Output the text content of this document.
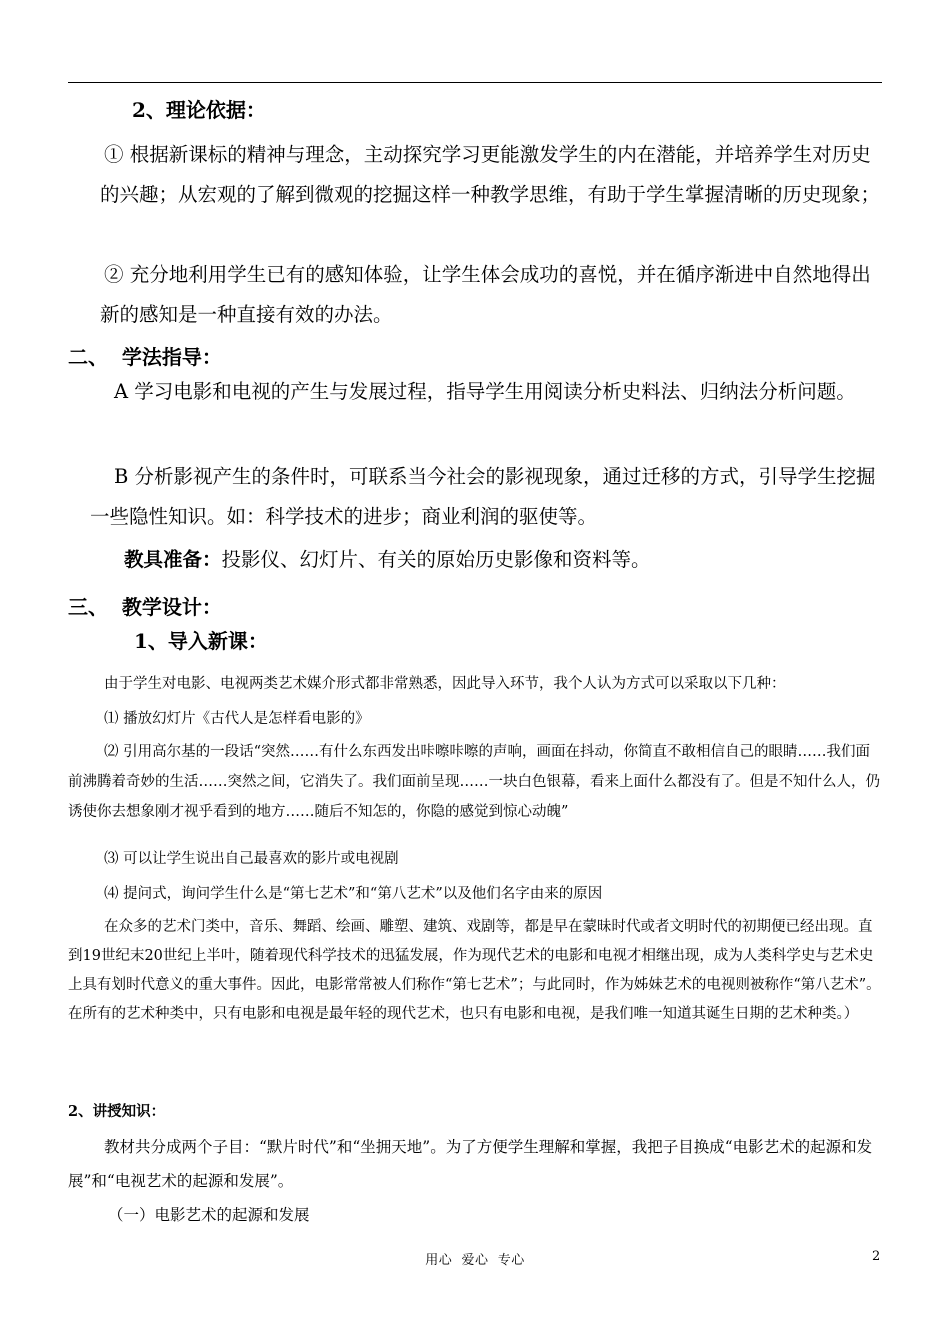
2、理论依据：

① 根据新课标的精神与理念，主动探究学习更能激发学生的内在潜能，并培养学生对历史的兴趣；从宏观的了解到微观的挖掘这样一种教学思维，有助于学生掌握清晰的历史现象；

② 充分地利用学生已有的感知体验，让学生体会成功的喜悦，并在循序渐进中自然地得出新的感知是一种直接有效的办法。

二、  学法指导：

A 学习电影和电视的产生与发展过程，指导学生用阅读分析史料法、归纳法分析问题。

B 分析影视产生的条件时，可联系当今社会的影视现象，通过迁移的方式，引导学生挖掘一些隐性知识。如：科学技术的进步；商业利润的驱使等。

教具准备：投影仪、幻灯片、有关的原始历史影像和资料等。
三、  教学设计：
1、导入新课：

由于学生对电影、电视两类艺术媒介形式都非常熟悉，因此导入环节，我个人认为方式可以采取以下几种：

⑴ 播放幻灯片《古代人是怎样看电影的》

⑵ 引用高尔基的一段话“突然……有什么东西发出咔嚓咔嚓的声响，画面在抖动，你简直不敢相信自己的眼睛……我们面前沸腾着奇妙的生活……突然之间，它消失了。我们面前呈现……一块白色银幕，看来上面什么都没有了。但是不知什么人，仍诱使你去想象刚才视乎看到的地方……随后不知怎的，你隐的感觉到惊心动魄”

⑶ 可以让学生说出自己最喜欢的影片或电视剧

⑷ 提问式，询问学生什么是“第七艺术”和“第八艺术”以及他们名字由来的原因

在众多的艺术门类中，音乐、舞蹈、绘画、雕塑、建筑、戏剧等，都是早在蒙昧时代或者文明时代的初期便已经出现。直到19世纪末20世纪上半叶，随着现代科学技术的迅猛发展，作为现代艺术的电影和电视才相继出现，成为人类科学史与艺术史上具有划时代意义的重大事件。因此，电影常常被人们称作“第七艺术”；与此同时，作为姊妹艺术的电视则被称作“第八艺术”。在所有的艺术种类中，只有电影和电视是最年轻的现代艺术，也只有电影和电视，是我们唯一知道其诞生日期的艺术种类。）

2、讲授知识：

教材共分成两个子目：“默片时代”和“坐拥天地”。为了方便学生理解和掌握，我把子目换成“电影艺术的起源和发展”和“电视艺术的起源和发展”。

（一）电影艺术的起源和发展
用心  爱心  专心	2
